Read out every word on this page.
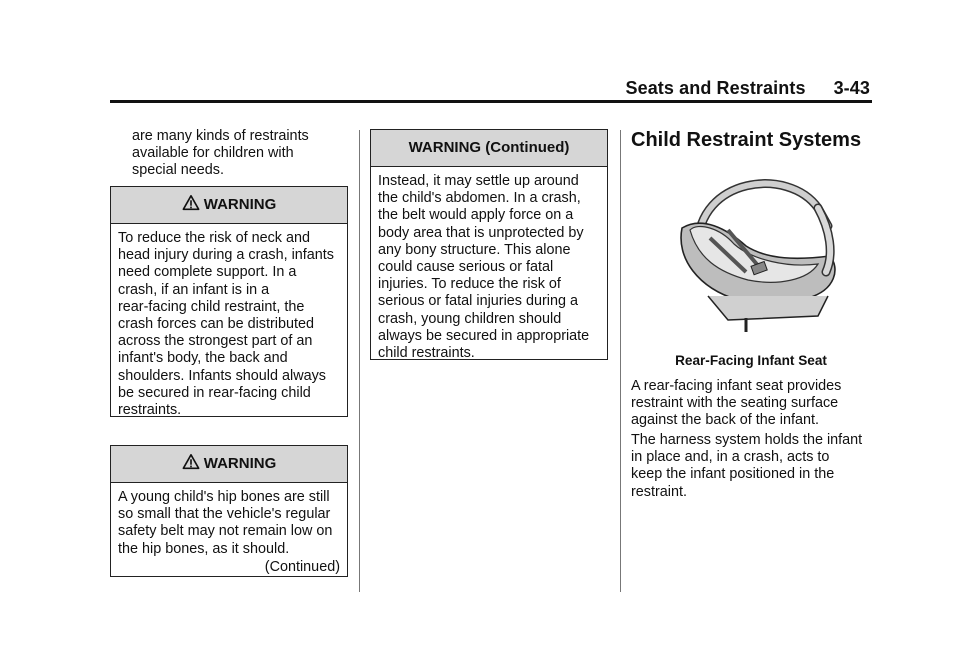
Seats and Restraints 3-43
are many kinds of restraints
available for children with
special needs.
WARNING
To reduce the risk of neck and
head injury during a crash, infants
need complete support. In a
crash, if an infant is in a
rear-facing child restraint, the
crash forces can be distributed
across the strongest part of an
infant's body, the back and
shoulders. Infants should always
be secured in rear-facing child
restraints.
WARNING
A young child's hip bones are still
so small that the vehicle's regular
safety belt may not remain low on
the hip bones, as it should.
(Continued)
WARNING (Continued)
Instead, it may settle up around
the child's abdomen. In a crash,
the belt would apply force on a
body area that is unprotected by
any bony structure. This alone
could cause serious or fatal
injuries. To reduce the risk of
serious or fatal injuries during a
crash, young children should
always be secured in appropriate
child restraints.
Child Restraint Systems
Rear-Facing Infant Seat
A rear-facing infant seat provides
restraint with the seating surface
against the back of the infant.
The harness system holds the infant
in place and, in a crash, acts to
keep the infant positioned in the
restraint.
